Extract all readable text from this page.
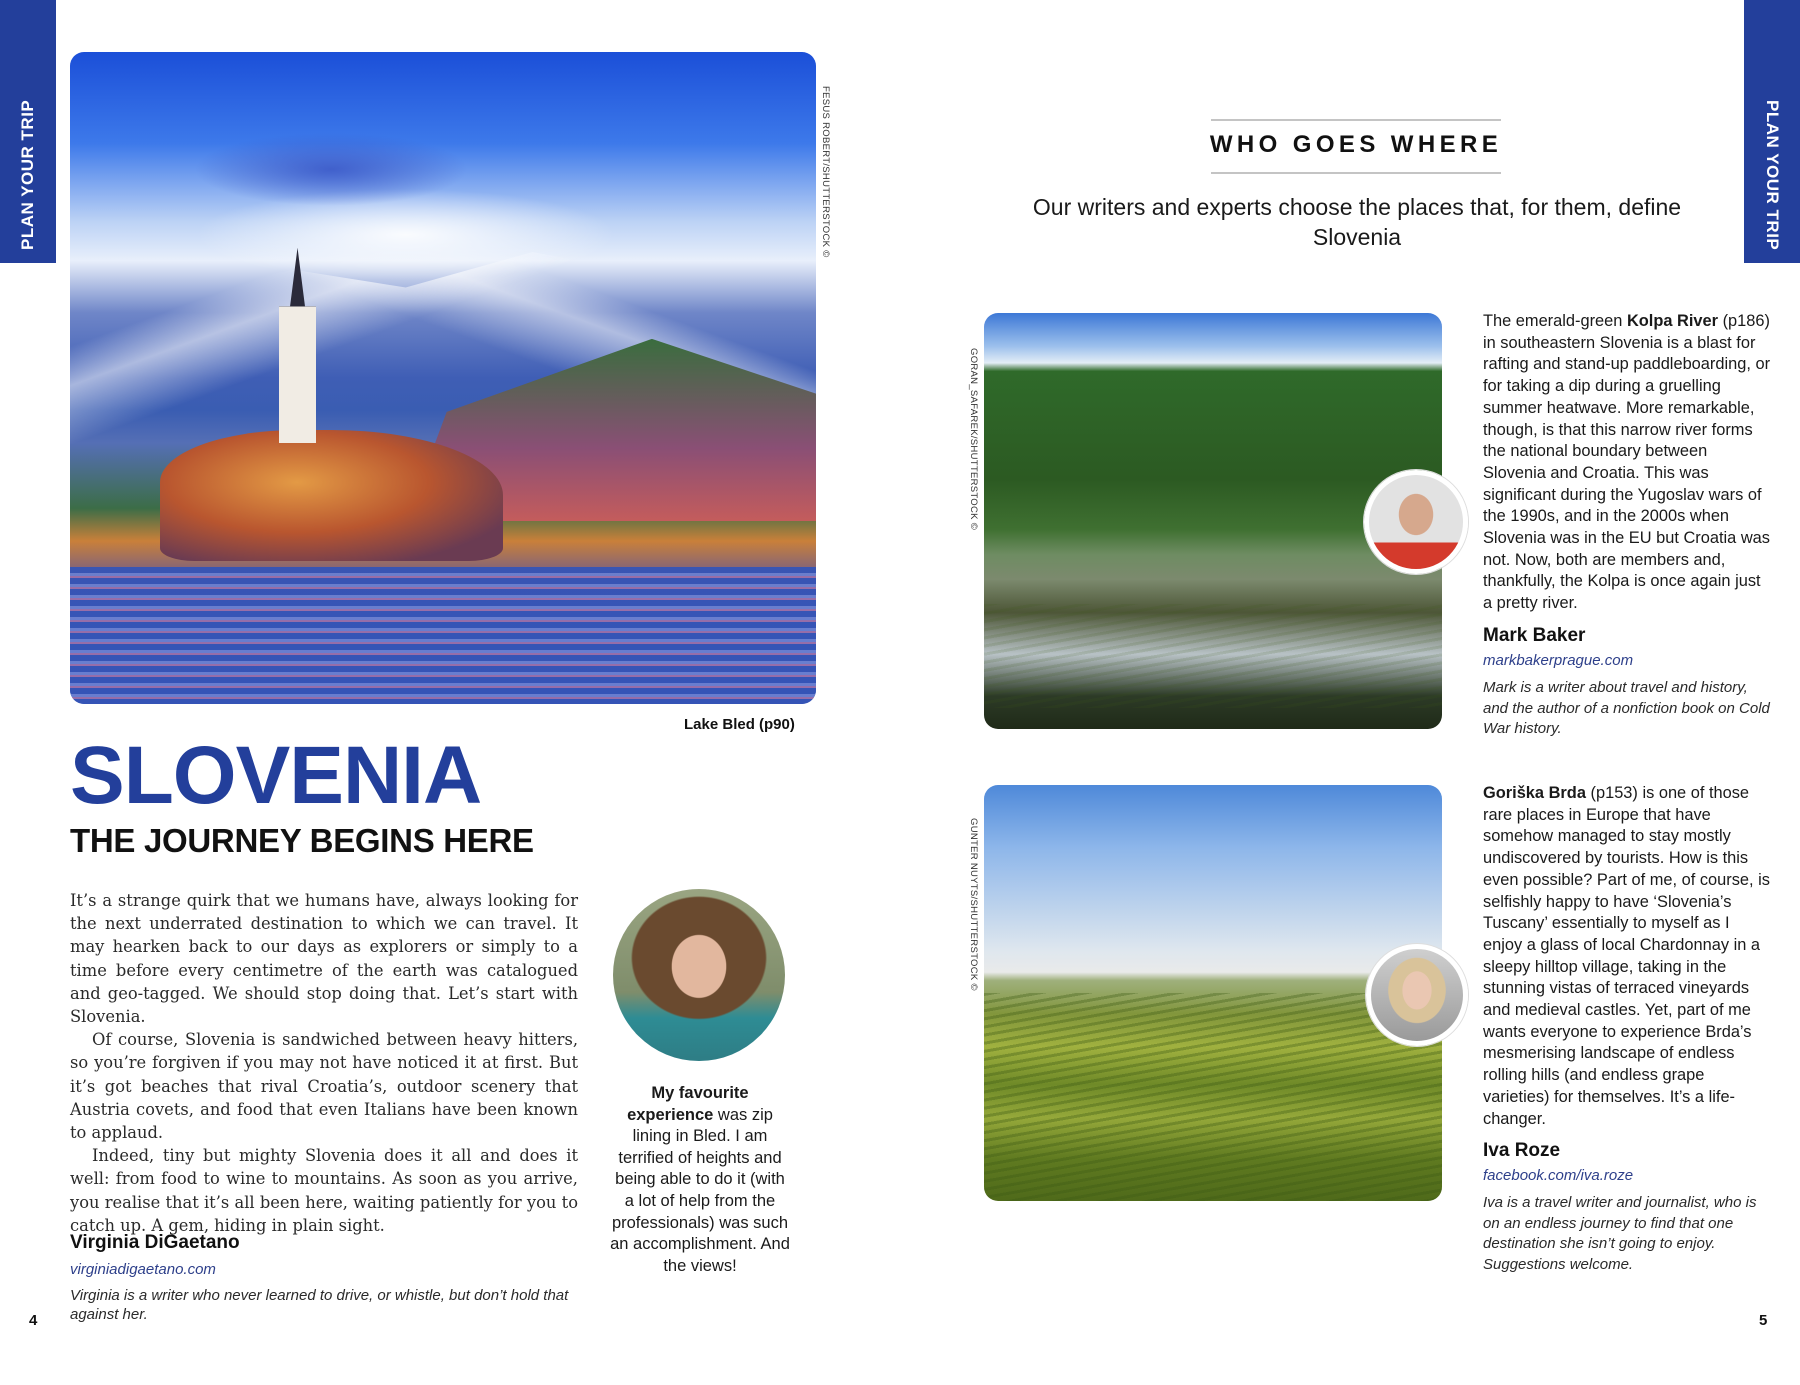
PLAN YOUR TRIP	PLAN YOUR TRIP
FESUS ROBERT/SHUTTERSTOCK ©
Lake Bled (p90)
SLOVENIA
THE JOURNEY BEGINS HERE

It’s a strange quirk that we humans have, always looking for the next underrated destination to which we can travel. It may hearken back to our days as explorers or simply to a time before every centimetre of the earth was catalogued and geo-tagged. We should stop doing that. Let’s start with Slovenia.

Of course, Slovenia is sandwiched between heavy hitters, so you’re forgiven if you may not have noticed it at first. But it’s got beaches that rival Croatia’s, outdoor scenery that Austria covets, and food that even Italians have been known to applaud.

Indeed, tiny but mighty Slovenia does it all and does it well: from food to wine to mountains. As soon as you arrive, you realise that it’s all been here, waiting patiently for you to catch up. A gem, hiding in plain sight.

Virginia DiGaetano
virginiadigaetano.com
Virginia is a writer who never learned to drive, or whistle, but don’t hold that against her.
My favourite experience was zip lining in Bled. I am terrified of heights and being able to do it (with a lot of help from the professionals) was such an accomplishment. And the views!
4
WHO GOES WHERE
Our writers and experts choose the places that, for them, define Slovenia
GORAN_SAFAREK/SHUTTERSTOCK ©
The emerald-green Kolpa River (p186) in southeastern Slovenia is a blast for rafting and stand-up paddleboarding, or for taking a dip during a gruelling summer heatwave. More remarkable, though, is that this narrow river forms the national boundary between Slovenia and Croatia. This was significant during the Yugoslav wars of the 1990s, and in the 2000s when Slovenia was in the EU but Croatia was not. Now, both are members and, thankfully, the Kolpa is once again just a pretty river.
Mark Baker
markbakerprague.com
Mark is a writer about travel and history, and the author of a nonfiction book on Cold War history.
GUNTER NUYTS/SHUTTERSTOCK ©
Goriška Brda (p153) is one of those rare places in Europe that have somehow managed to stay mostly undiscovered by tourists. How is this even possible? Part of me, of course, is selfishly happy to have ‘Slovenia’s Tuscany’ essentially to myself as I enjoy a glass of local Chardonnay in a sleepy hilltop village, taking in the stunning vistas of terraced vineyards and medieval castles. Yet, part of me wants everyone to experience Brda’s mesmerising landscape of endless rolling hills (and endless grape varieties) for themselves. It’s a life-changer.
Iva Roze
facebook.com/iva.roze
Iva is a travel writer and journalist, who is on an endless journey to find that one destination she isn’t going to enjoy. Suggestions welcome.
5
